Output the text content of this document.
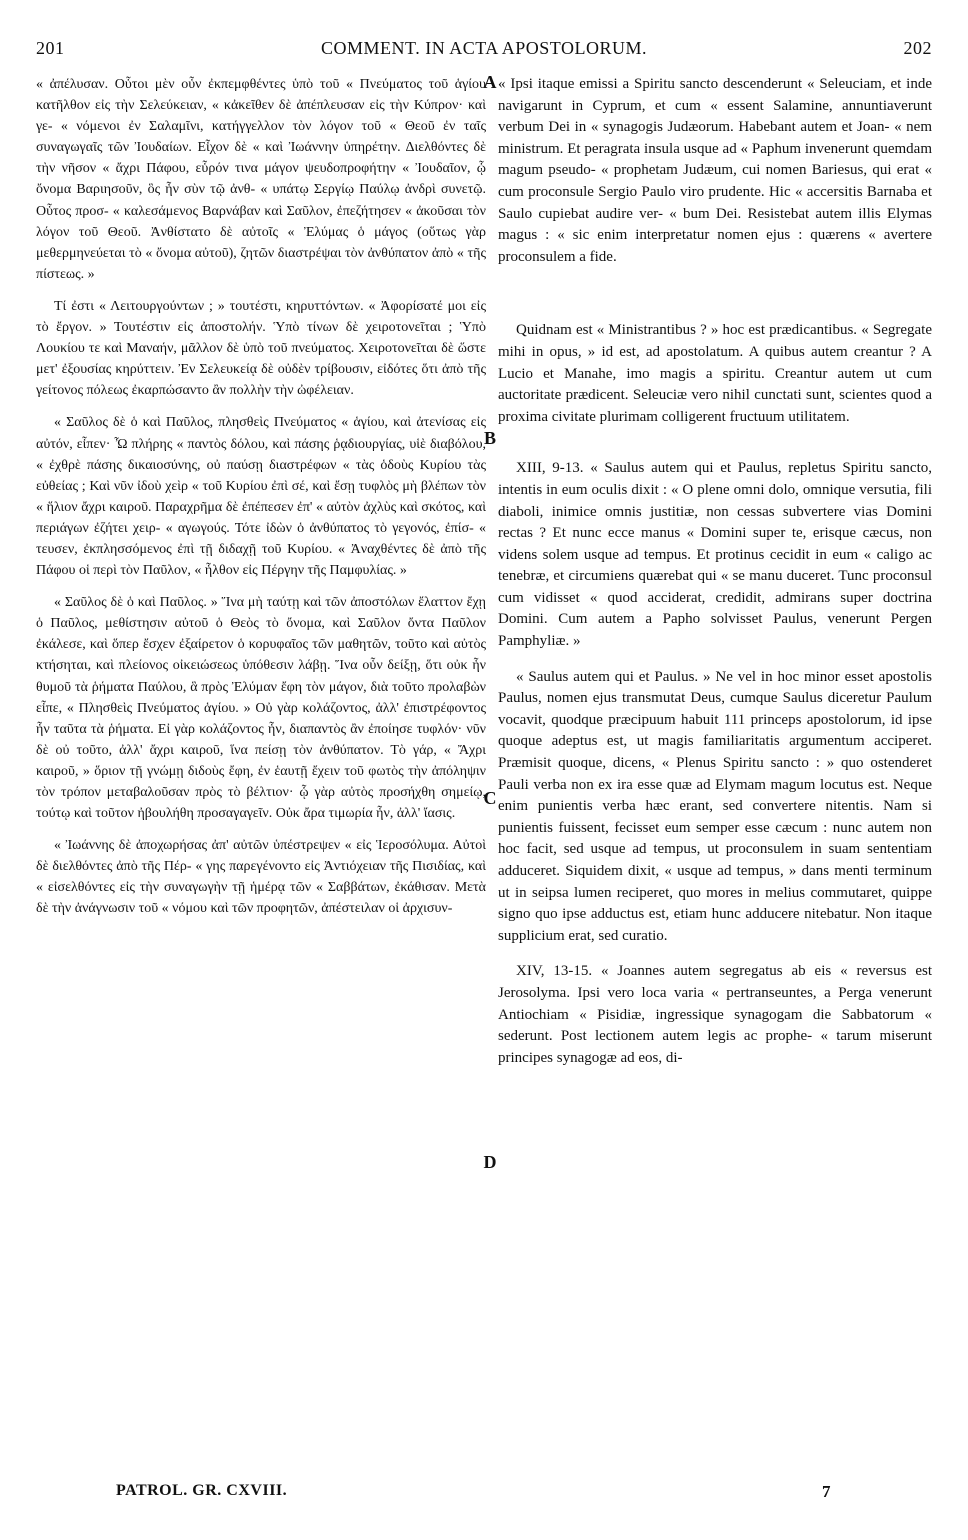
201	COMMENT. IN ACTA APOSTOLORUM.	202

« ἀπέλυσαν. Οὗτοι μὲν οὖν ἐκπεμφθέντες ὑπὸ τοῦ « Πνεύματος τοῦ ἁγίου κατῆλθον εἰς τὴν Σελεύκειαν, « κἀκεῖθεν δὲ ἀπέπλευσαν εἰς τὴν Κύπρον· καὶ γε- « νόμενοι ἐν Σαλαμῖνι, κατήγγελλον τὸν λόγον τοῦ « Θεοῦ ἐν ταῖς συναγωγαῖς τῶν Ἰουδαίων. Εἶχον δὲ « καὶ Ἰωάννην ὑπηρέτην. Διελθόντες δὲ τὴν νῆσον « ἄχρι Πάφου, εὗρόν τινα μάγον ψευδοπροφήτην « Ἰουδαῖον, ᾧ ὄνομα Βαριησοῦν, ὃς ἦν σὺν τῷ ἀνθ- « υπάτῳ Σεργίῳ Παύλῳ ἀνδρὶ συνετῷ. Οὗτος προσ- « καλεσάμενος Βαρνάβαν καὶ Σαῦλον, ἐπεζήτησεν « ἀκοῦσαι τὸν λόγον τοῦ Θεοῦ. Ἀνθίστατο δὲ αὐτοῖς « Ἐλύμας ὁ μάγος (οὕτως γὰρ μεθερμηνεύεται τὸ « ὄνομα αὐτοῦ), ζητῶν διαστρέψαι τὸν ἀνθύπατον ἀπὸ « τῆς πίστεως. »

Τί ἐστι « Λειτουργούντων ; » τουτέστι, κηρυττόντων. « Ἀφορίσατέ μοι εἰς τὸ ἔργον. » Τουτέστιν εἰς ἀποστολήν. Ὑπὸ τίνων δὲ χειροτονεῖται ; Ὑπὸ Λουκίου τε καὶ Μαναήν, μᾶλλον δὲ ὑπὸ τοῦ πνεύματος. Χειροτονεῖται δὲ ὥστε μετ' ἐξουσίας κηρύττειν. Ἐν Σελευκείᾳ δὲ οὐδὲν τρίβουσιν, εἰδότες ὅτι ἀπὸ τῆς γείτονος πόλεως ἐκαρπώσαντο ἂν πολλὴν τὴν ὠφέλειαν.

« Σαῦλος δὲ ὁ καὶ Παῦλος, πλησθεὶς Πνεύματος « ἁγίου, καὶ ἀτενίσας εἰς αὐτόν, εἶπεν· Ὦ πλήρης « παντὸς δόλου, καὶ πάσης ῥᾳδιουργίας, υἱὲ διαβόλου, « ἐχθρὲ πάσης δικαιοσύνης, οὐ παύσῃ διαστρέφων « τὰς ὁδοὺς Κυρίου τὰς εὐθείας ; Καὶ νῦν ἰδοὺ χεὶρ « τοῦ Κυρίου ἐπὶ σέ, καὶ ἔσῃ τυφλὸς μὴ βλέπων τὸν « ἥλιον ἄχρι καιροῦ. Παραχρῆμα δὲ ἐπέπεσεν ἐπ' « αὐτὸν ἀχλὺς καὶ σκότος, καὶ περιάγων ἐζήτει χειρ- « αγωγούς. Τότε ἰδὼν ὁ ἀνθύπατος τὸ γεγονός, ἐπίσ- « τευσεν, ἐκπλησσόμενος ἐπὶ τῇ διδαχῇ τοῦ Κυρίου. « Ἀναχθέντες δὲ ἀπὸ τῆς Πάφου οἱ περὶ τὸν Παῦλον, « ἦλθον εἰς Πέργην τῆς Παμφυλίας. »

« Σαῦλος δὲ ὁ καὶ Παῦλος. » Ἵνα μὴ ταύτῃ καὶ τῶν ἀποστόλων ἔλαττον ἔχῃ ὁ Παῦλος, μεθίστησιν αὐτοῦ ὁ Θεὸς τὸ ὄνομα, καὶ Σαῦλον ὄντα Παῦλον ἐκάλεσε, καὶ ὅπερ ἔσχεν ἐξαίρετον ὁ κορυφαῖος τῶν μαθητῶν, τοῦτο καὶ αὐτὸς κτήσηται, καὶ πλείονος οἰκειώσεως ὑπόθεσιν λάβῃ. Ἵνα οὖν δείξῃ, ὅτι οὐκ ἦν θυμοῦ τὰ ῥήματα Παύλου, ἃ πρὸς Ἐλύμαν ἔφη τὸν μάγον, διὰ τοῦτο προλαβὼν εἶπε, « Πλησθεὶς Πνεύματος ἁγίου. » Οὐ γὰρ κολάζοντος, ἀλλ' ἐπιστρέφοντος ἦν ταῦτα τὰ ῥήματα. Εἰ γὰρ κολάζοντος ἦν, διαπαντὸς ἂν ἐποίησε τυφλόν· νῦν δὲ οὐ τοῦτο, ἀλλ' ἄχρι καιροῦ, ἵνα πείσῃ τὸν ἀνθύπατον. Τὸ γάρ, « Ἄχρι καιροῦ, » ὅριον τῇ γνώμῃ διδοὺς ἔφη, ἐν ἑαυτῇ ἔχειν τοῦ φωτὸς τὴν ἀπόληψιν τὸν τρόπον μεταβαλοῦσαν πρὸς τὸ βέλτιον· ᾧ γὰρ αὐτὸς προσήχθη σημείῳ, τούτῳ καὶ τοῦτον ἠβουλήθη προσαγαγεῖν. Οὐκ ἄρα τιμωρία ἦν, ἀλλ' ἴασις.

« Ἰωάννης δὲ ἀποχωρήσας ἀπ' αὐτῶν ὑπέστρεψεν « εἰς Ἱεροσόλυμα. Αὐτοὶ δὲ διελθόντες ἀπὸ τῆς Πέρ- « γης παρεγένοντο εἰς Ἀντιόχειαν τῆς Πισιδίας, καὶ « εἰσελθόντες εἰς τὴν συναγωγὴν τῇ ἡμέρᾳ τῶν « Σαββάτων, ἐκάθισαν. Μετὰ δὲ τὴν ἀνάγνωσιν τοῦ « νόμου καὶ τῶν προφητῶν, ἀπέστειλαν οἱ ἀρχισυν-

A
B
C
D

« Ipsi itaque emissi a Spiritu sancto descenderunt « Seleuciam, et inde navigarunt in Cyprum, et cum « essent Salamine, annuntiaverunt verbum Dei in « synagogis Judæorum. Habebant autem et Joan- « nem ministrum. Et peragrata insula usque ad « Paphum invenerunt quemdam magum pseudo- « prophetam Judæum, cui nomen Bariesus, qui erat « cum proconsule Sergio Paulo viro prudente. Hic « accersitis Barnaba et Saulo cupiebat audire ver- « bum Dei. Resistebat autem illis Elymas magus : « sic enim interpretatur nomen ejus : quærens « avertere proconsulem a fide.

Quidnam est « Ministrantibus ? » hoc est prædicantibus. « Segregate mihi in opus, » id est, ad apostolatum. A quibus autem creantur ? A Lucio et Manahe, imo magis a spiritu. Creantur autem ut cum auctoritate prædicent. Seleuciæ vero nihil cunctati sunt, scientes quod a proxima civitate plurimam colligerent fructuum utilitatem.

XIII, 9-13. « Saulus autem qui et Paulus, repletus Spiritu sancto, intentis in eum oculis dixit : « O plene omni dolo, omnique versutia, fili diaboli, inimice omnis justitiæ, non cessas subvertere vias Domini rectas ? Et nunc ecce manus « Domini super te, erisque cæcus, non videns solem usque ad tempus. Et protinus cecidit in eum « caligo ac tenebræ, et circumiens quærebat qui « se manu duceret. Tunc proconsul cum vidisset « quod acciderat, credidit, admirans super doctrina Domini. Cum autem a Papho solvisset Paulus, venerunt Pergen Pamphyliæ. »

« Saulus autem qui et Paulus. » Ne vel in hoc minor esset apostolis Paulus, nomen ejus transmutat Deus, cumque Saulus diceretur Paulum vocavit, quodque præcipuum habuit 111 princeps apostolorum, id ipse quoque adeptus est, ut magis familiaritatis argumentum acciperet. Præmisit quoque, dicens, « Plenus Spiritu sancto : » quo ostenderet Pauli verba non ex ira esse quæ ad Elymam magum locutus est. Neque enim punientis verba hæc erant, sed convertere nitentis. Nam si punientis fuissent, fecisset eum semper esse cæcum : nunc autem non hoc facit, sed usque ad tempus, ut proconsulem in suam sententiam adduceret. Siquidem dixit, « usque ad tempus, » dans menti terminum ut in seipsa lumen reciperet, quo mores in melius commutaret, quippe signo quo ipse adductus est, etiam hunc adducere nitebatur. Non itaque supplicium erat, sed curatio.

XIV, 13-15. « Joannes autem segregatus ab eis « reversus est Jerosolyma. Ipsi vero loca varia « pertranseuntes, a Perga venerunt Antiochiam « Pisidiæ, ingressique synagogam die Sabbatorum « sederunt. Post lectionem autem legis ac prophe- « tarum miserunt principes synagogæ ad eos, di-

PATROL. GR. CXVIII.	7
